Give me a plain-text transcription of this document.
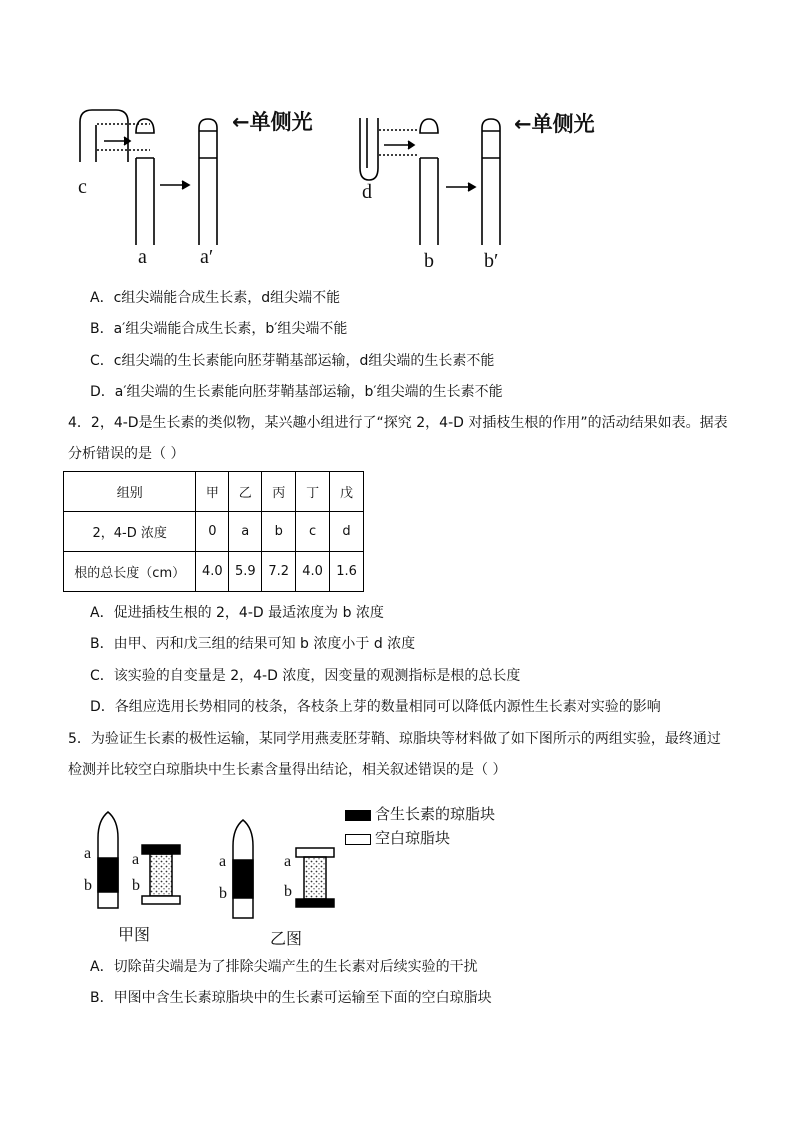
←单侧光	←单侧光
c
a	a′
d
b	b′
A．c组尖端能合成生长素，d组尖端不能
B．a′组尖端能合成生长素，b′组尖端不能
C．c组尖端的生长素能向胚芽鞘基部运输，d组尖端的生长素不能
D．a′组尖端的生长素能向胚芽鞘基部运输，b′组尖端的生长素不能
4．2，4-D是生长素的类似物，某兴趣小组进行了“探究 2，4-D 对插枝生根的作用”的活动结果如表。据表
分析错误的是（ ）
组别	甲	乙	丙	丁	戊
2，4-D 浓度	0	a	b	c	d
根的总长度（cm）	4.0	5.9	7.2	4.0	1.6
A．促进插枝生根的 2，4-D 最适浓度为 b 浓度
B．由甲、丙和戊三组的结果可知 b 浓度小于 d 浓度
C．该实验的自变量是 2，4-D 浓度，因变量的观测指标是根的总长度
D．各组应选用长势相同的枝条，各枝条上芽的数量相同可以降低内源性生长素对实验的影响
5．为验证生长素的极性运输，某同学用燕麦胚芽鞘、琼脂块等材料做了如下图所示的两组实验，最终通过
检测并比较空白琼脂块中生长素含量得出结论，相关叙述错误的是（ ）
含生长素的琼脂块
空白琼脂块
a
b
a
b
a
b
a
b
甲图	乙图
A．切除苗尖端是为了排除尖端产生的生长素对后续实验的干扰
B．甲图中含生长素琼脂块中的生长素可运输至下面的空白琼脂块
